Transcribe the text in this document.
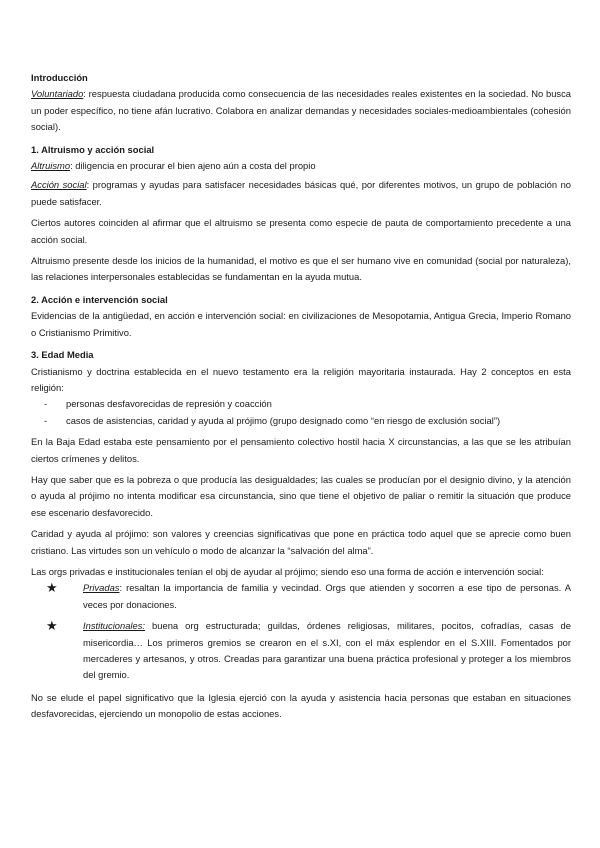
Introducción

Voluntariado: respuesta ciudadana producida como consecuencia de las necesidades reales existentes en la sociedad. No busca un poder específico, no tiene afán lucrativo. Colabora en analizar demandas y necesidades sociales-medioambientales (cohesión social).

1. Altruismo y acción social

Altruismo: diligencia en procurar el bien ajeno aún a costa del propio

Acción social: programas y ayudas para satisfacer necesidades básicas qué, por diferentes motivos, un grupo de población no puede satisfacer.

Ciertos autores coinciden al afirmar que el altruismo se presenta como especie de pauta de comportamiento precedente a una acción social.

Altruismo presente desde los inicios de la humanidad, el motivo es que el ser humano vive en comunidad (social por naturaleza), las relaciones interpersonales establecidas se fundamentan en la ayuda mutua.

2. Acción e intervención social

Evidencias de la antigüedad, en acción e intervención social: en civilizaciones de Mesopotamia, Antigua Grecia, Imperio Romano o Cristianismo Primitivo.

3. Edad Media

Cristianismo y doctrina establecida en el nuevo testamento era la religión mayoritaria instaurada. Hay 2 conceptos en esta religión:

- personas desfavorecidas de represión y coacción
- casos de asistencias, caridad y ayuda al prójimo (grupo designado como “en riesgo de exclusión social”)

En la Baja Edad estaba este pensamiento por el pensamiento colectivo hostil hacia X circunstancias, a las que se les atribuían ciertos crímenes y delitos.

Hay que saber que es la pobreza o que producía las desigualdades; las cuales se producían por el designio divino, y la atención o ayuda al prójimo no intenta modificar esa circunstancia, sino que tiene el objetivo de paliar o remitir la situación que produce ese escenario desfavorecido.

Caridad y ayuda al prójimo: son valores y creencias significativas que pone en práctica todo aquel que se aprecie como buen cristiano. Las virtudes son un vehículo o modo de alcanzar la “salvación del alma”.

Las orgs privadas e institucionales tenían el obj de ayudar al prójimo; siendo eso una forma de acción e intervención social:

★	Privadas: resaltan la importancia de familia y vecindad. Orgs que atienden y socorren a ese tipo de personas. A veces por donaciones.
★	Institucionales: buena org estructurada; guildas, órdenes religiosas, militares, pocitos, cofradías, casas de misericordia… Los primeros gremios se crearon en el s.XI, con el máx esplendor en el S.XIII. Fomentados por mercaderes y artesanos, y otros. Creadas para garantizar una buena práctica profesional y proteger a los miembros del gremio.

No se elude el papel significativo que la Iglesia ejerció con la ayuda y asistencia hacia personas que estaban en situaciones desfavorecidas, ejerciendo un monopolio de estas acciones.
